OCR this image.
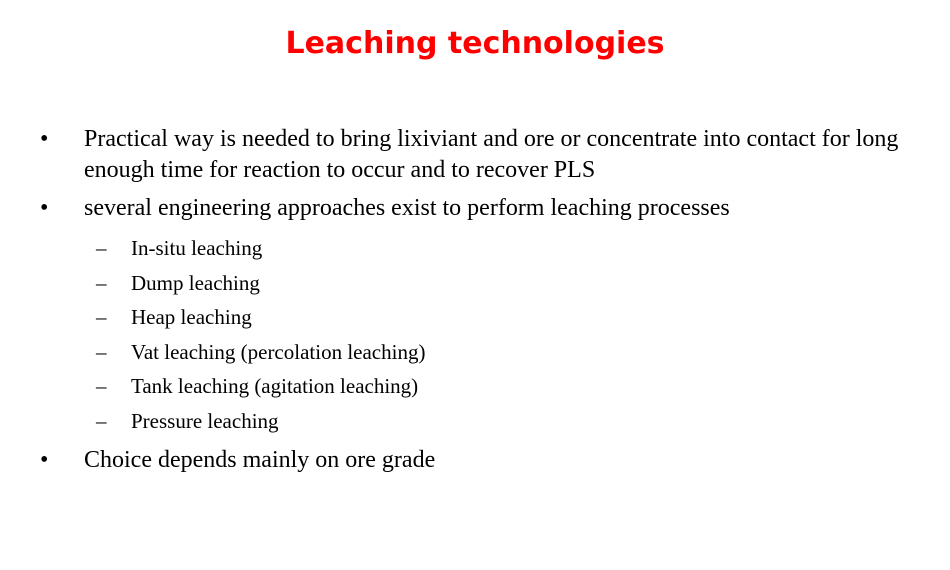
Leaching technologies
•	Practical way is needed to bring lixiviant and ore or concentrate into contact for long enough time for reaction to occur and to recover PLS
•	several engineering approaches exist to perform leaching processes
– In-situ leaching
– Dump leaching
– Heap leaching
– Vat leaching (percolation leaching)
– Tank leaching (agitation leaching)
– Pressure leaching
•	Choice depends mainly on ore grade
